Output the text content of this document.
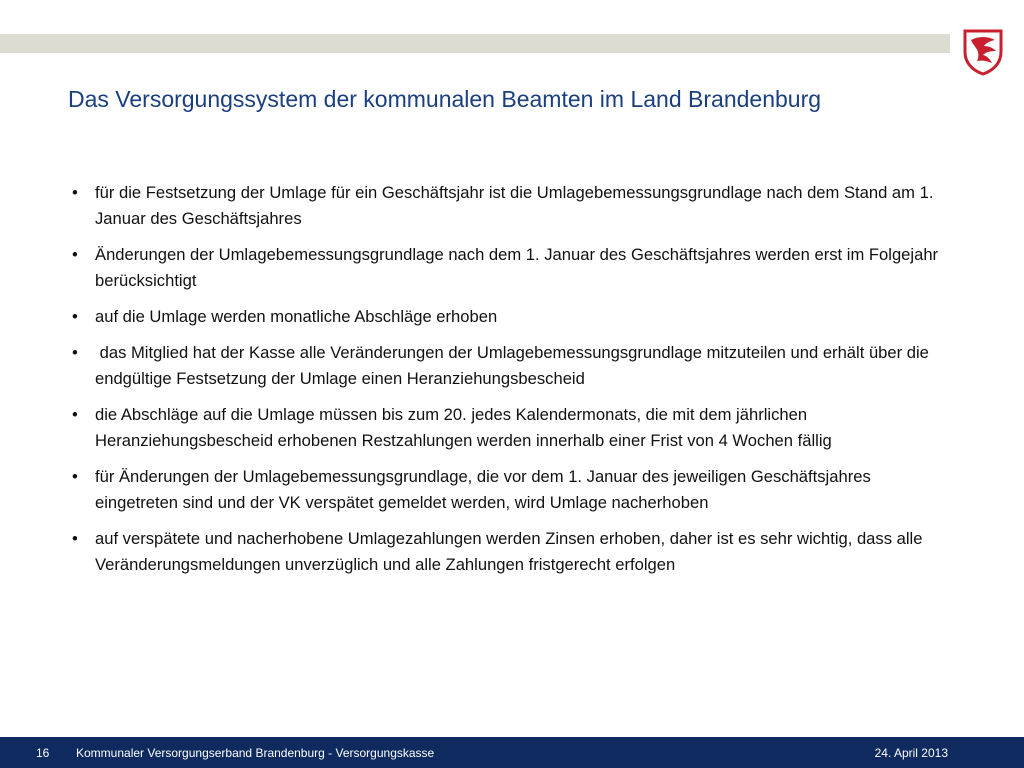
Das Versorgungssystem der kommunalen Beamten im Land Brandenburg
• für die Festsetzung der Umlage für ein Geschäftsjahr ist die Umlagebemessungsgrundlage nach dem Stand am 1. Januar des Geschäftsjahres
• Änderungen der Umlagebemessungsgrundlage nach dem 1. Januar des Geschäftsjahres werden erst im Folgejahr berücksichtigt
• auf die Umlage werden monatliche Abschläge erhoben
• das Mitglied hat der Kasse alle Veränderungen der Umlagebemessungsgrundlage mitzuteilen und erhält über die endgültige Festsetzung der Umlage einen Heranziehungsbescheid
• die Abschläge auf die Umlage müssen bis zum 20. jedes Kalendermonats, die mit dem jährlichen Heranziehungsbescheid erhobenen Restzahlungen werden innerhalb einer Frist von 4 Wochen fällig
• für Änderungen der Umlagebemessungsgrundlage, die vor dem 1. Januar des jeweiligen Geschäftsjahres eingetreten sind und der VK verspätet gemeldet werden, wird Umlage nacherhoben
• auf verspätete und nacherhobene Umlagezahlungen werden Zinsen erhoben, daher ist es sehr wichtig, dass alle Veränderungsmeldungen unverzüglich und alle Zahlungen fristgerecht erfolgen
16 Kommunaler Versorgungserband Brandenburg - Versorgungskasse	24. April 2013
